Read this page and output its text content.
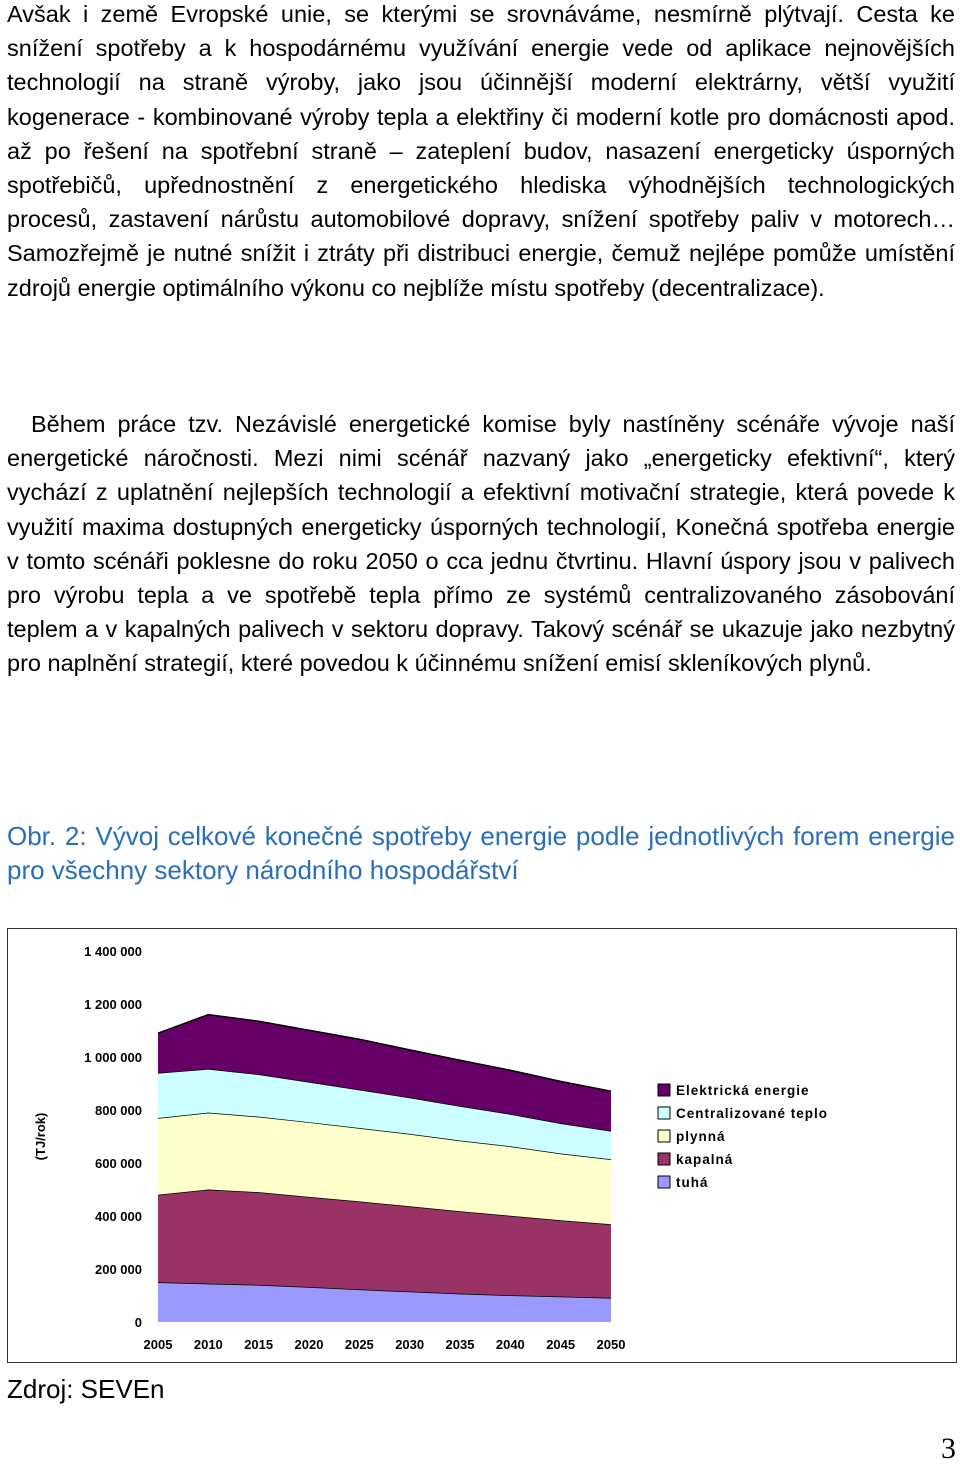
Avšak i země Evropské unie, se kterými se srovnáváme, nesmírně plýtvají. Cesta ke snížení spotřeby a k hospodárnému využívání energie vede od aplikace nejnovějších technologií na straně výroby, jako jsou účinnější moderní elektrárny, větší využití kogenerace - kombinované výroby tepla a elektřiny či moderní kotle pro domácnosti apod. až po řešení na spotřební straně – zateplení budov, nasazení energeticky úsporných spotřebičů, upřednostnění z energetického hlediska výhodnějších technologických procesů, zastavení nárůstu automobilové dopravy, snížení spotřeby paliv v motorech… Samozřejmě je nutné snížit i ztráty při distribuci energie, čemuž nejlépe pomůže umístění zdrojů energie optimálního výkonu co nejblíže místu spotřeby (decentralizace).

Během práce tzv. Nezávislé energetické komise byly nastíněny scénáře vývoje naší energetické náročnosti. Mezi nimi scénář nazvaný jako „energeticky efektivní“, který vychází z uplatnění nejlepších technologií a efektivní motivační strategie, která povede k využití maxima dostupných energeticky úsporných technologií, Konečná spotřeba energie v tomto scénáři poklesne do roku 2050 o cca jednu čtvrtinu. Hlavní úspory jsou v palivech pro výrobu tepla a ve spotřebě tepla přímo ze systémů centralizovaného zásobování teplem a v kapalných palivech v sektoru dopravy. Takový scénář se ukazuje jako nezbytný pro naplnění strategií, které povedou k účinnému snížení emisí skleníkových plynů.

Obr. 2: Vývoj celkové konečné spotřeby energie podle jednotlivých forem energie pro všechny sektory národního hospodářství

0
200 000
400 000
600 000
800 000
1 000 000
1 200 000
1 400 000
(TJ/rok)
2005 2010 2015 2020 2025 2030 2035 2040 2045 2050
Elektrická energie
Centralizované teplo
plynná
kapalná
tuhá
Zdroj: SEVEn
3
